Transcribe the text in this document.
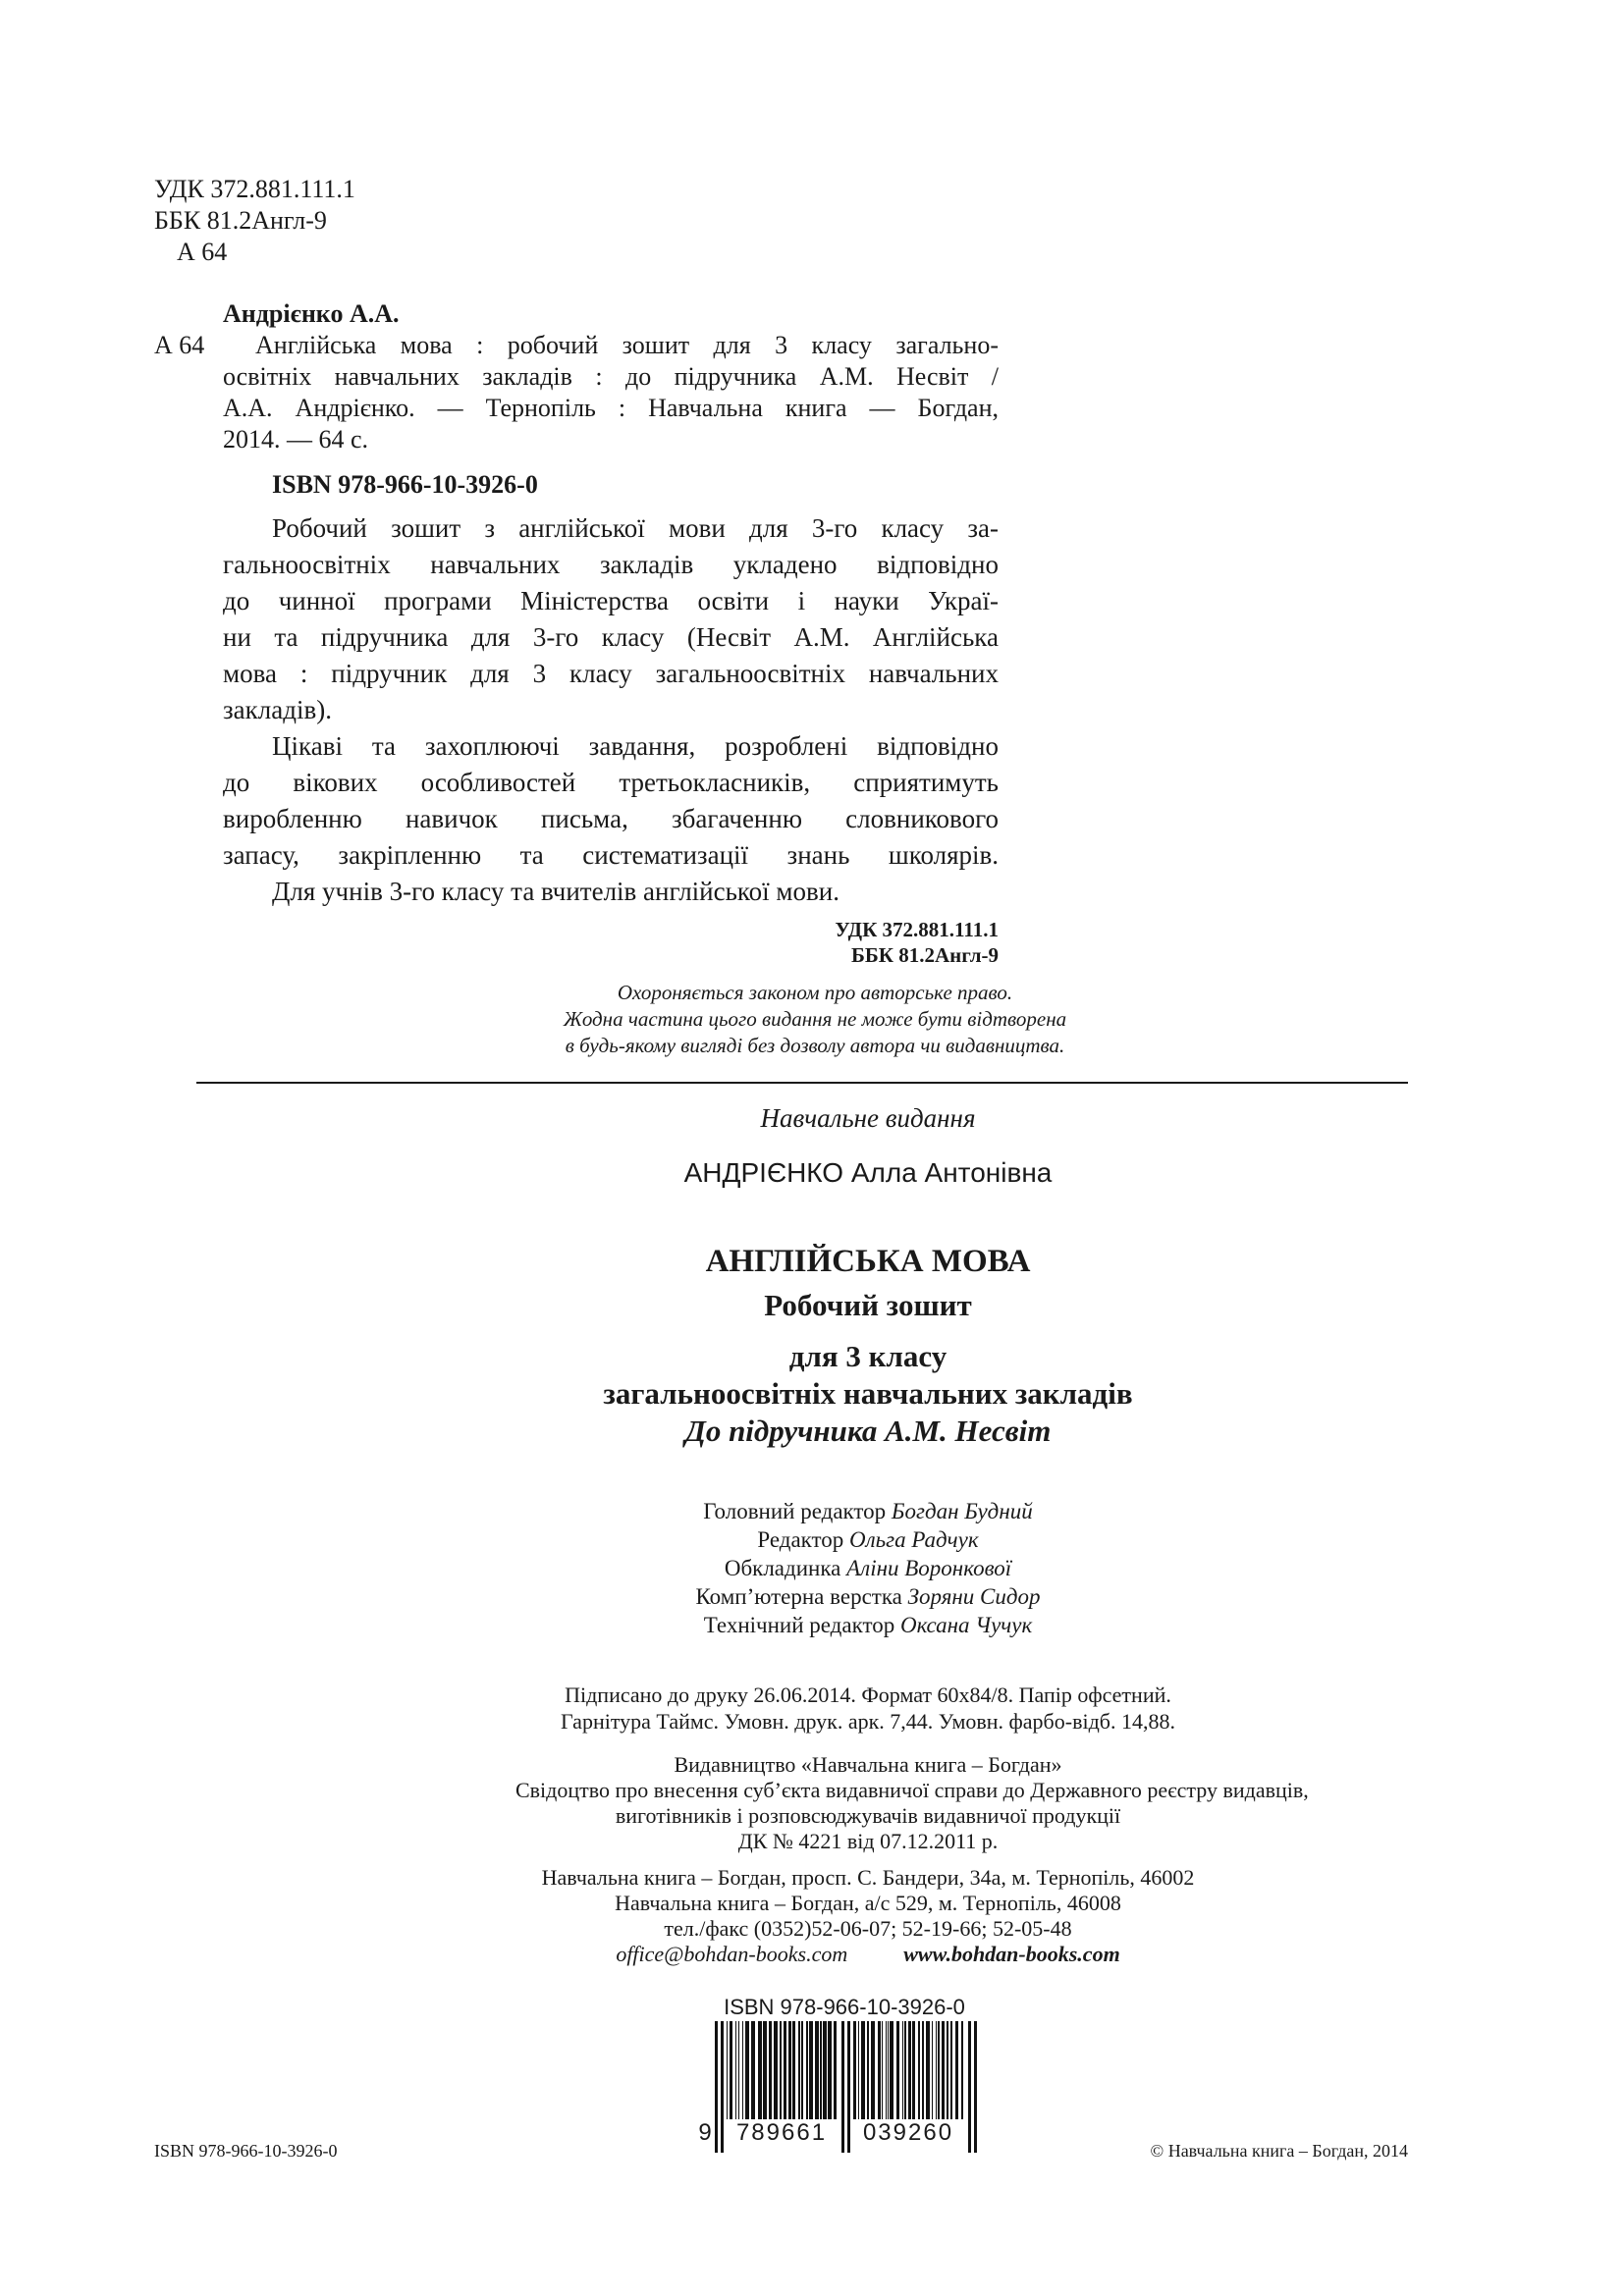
УДК 372.881.111.1
ББК 81.2Англ-9
А 64
Андрієнко А.А.
А 64 Англійська мова : робочий зошит для 3 класу загально-
освітніх навчальних закладів : до підручника А.М. Несвіт /
А.А. Андрієнко. — Тернопіль : Навчальна книга — Богдан,
2014. — 64 с.
ISBN 978-966-10-3926-0
Робочий зошит з англійської мови для 3-го класу за-
гальноосвітніх навчальних закладів укладено відповідно
до чинної програми Міністерства освіти і науки Украї-
ни та підручника для 3-го класу (Несвіт А.М. Англійська
мова : підручник для 3 класу загальноосвітніх навчальних
закладів).
Цікаві та захоплюючі завдання, розроблені відповідно
до вікових особливостей третьокласників, сприятимуть
виробленню навичок письма, збагаченню словникового
запасу, закріпленню та систематизації знань школярів.
Для учнів 3-го класу та вчителів англійської мови.
УДК 372.881.111.1
ББК 81.2Англ-9
Охороняється законом про авторське право.
Жодна частина цього видання не може бути відтворена
в будь-якому вигляді без дозволу автора чи видавництва.
Навчальне видання
АНДРІЄНКО Алла Антонівна
АНГЛІЙСЬКА МОВА
Робочий зошит
для 3 класу
загальноосвітніх навчальних закладів
До підручника А.М. Несвіт
Головний редактор Богдан Будний
Редактор Ольга Радчук
Обкладинка Аліни Воронкової
Комп’ютерна верстка Зоряни Сидор
Технічний редактор Оксана Чучук
Підписано до друку 26.06.2014. Формат 60х84/8. Папір офсетний.
Гарнітура Таймс. Умовн. друк. арк. 7,44. Умовн. фарбо-відб. 14,88.
Видавництво «Навчальна книга – Богдан»
Свідоцтво про внесення суб’єкта видавничої справи до Державного реєстру видавців,
виготівників і розповсюджувачів видавничої продукції
ДК № 4221 від 07.12.2011 р.
Навчальна книга – Богдан, просп. С. Бандери, 34а, м. Тернопіль, 46002
Навчальна книга – Богдан, а/с 529, м. Тернопіль, 46008
тел./факс (0352)52-06-07; 52-19-66; 52-05-48
office@bohdan-books.com	www.bohdan-books.com
ISBN 978-966-10-3926-0
9	789661	039260
ISBN 978-966-10-3926-0	© Навчальна книга – Богдан, 2014
